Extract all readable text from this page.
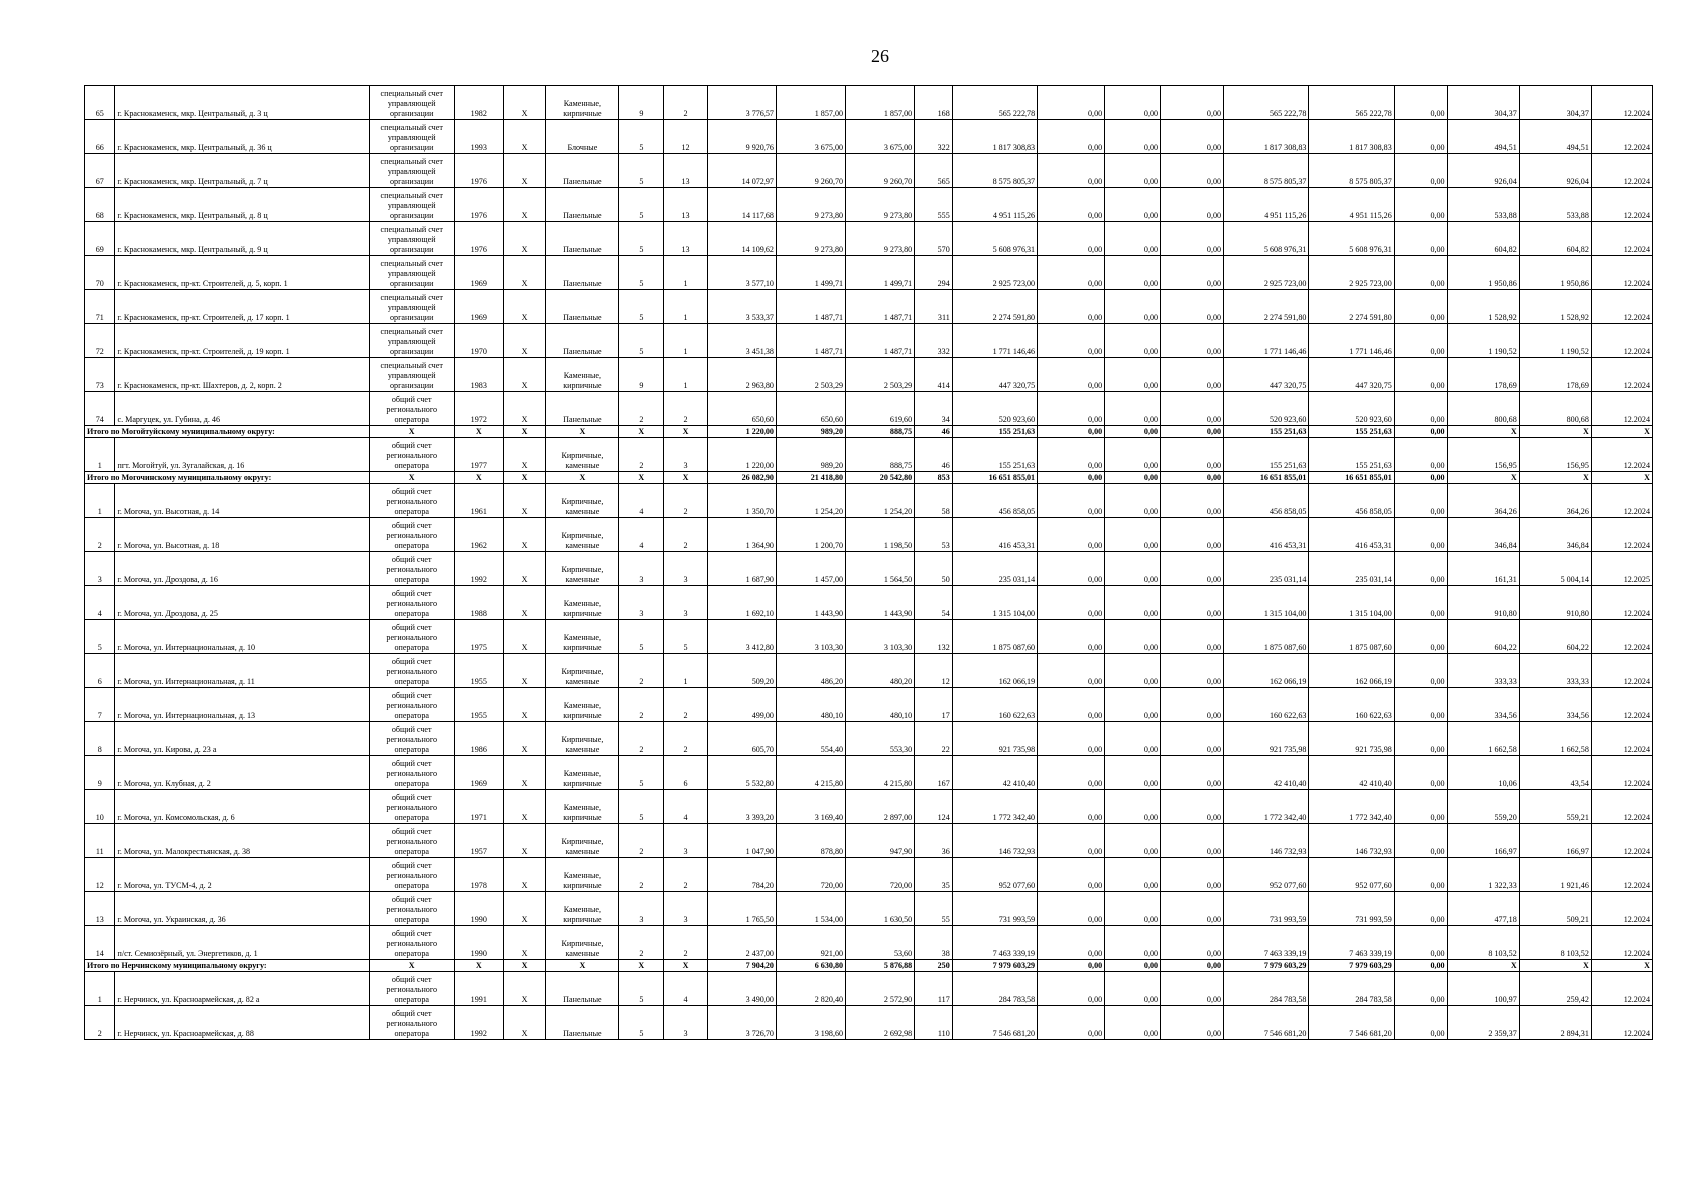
26
65	г. Краснокаменск, мкр. Центральный, д. 3 ц	специальный счет
управляющей
организации	1982	X	Каменные,
кирпичные	9	2	3 776,57	1 857,00	1 857,00	168	565 222,78	0,00	0,00	0,00	565 222,78	565 222,78	0,00	304,37	304,37	12.2024
66	г. Краснокаменск, мкр. Центральный, д. 36 ц	специальный счет
управляющей
организации	1993	X	Блочные	5	12	9 920,76	3 675,00	3 675,00	322	1 817 308,83	0,00	0,00	0,00	1 817 308,83	1 817 308,83	0,00	494,51	494,51	12.2024
67	г. Краснокаменск, мкр. Центральный, д. 7 ц	специальный счет
управляющей
организации	1976	X	Панельные	5	13	14 072,97	9 260,70	9 260,70	565	8 575 805,37	0,00	0,00	0,00	8 575 805,37	8 575 805,37	0,00	926,04	926,04	12.2024
68	г. Краснокаменск, мкр. Центральный, д. 8 ц	специальный счет
управляющей
организации	1976	X	Панельные	5	13	14 117,68	9 273,80	9 273,80	555	4 951 115,26	0,00	0,00	0,00	4 951 115,26	4 951 115,26	0,00	533,88	533,88	12.2024
69	г. Краснокаменск, мкр. Центральный, д. 9 ц	специальный счет
управляющей
организации	1976	X	Панельные	5	13	14 109,62	9 273,80	9 273,80	570	5 608 976,31	0,00	0,00	0,00	5 608 976,31	5 608 976,31	0,00	604,82	604,82	12.2024
70	г. Краснокаменск, пр-кт. Строителей, д. 5, корп. 1	специальный счет
управляющей
организации	1969	X	Панельные	5	1	3 577,10	1 499,71	1 499,71	294	2 925 723,00	0,00	0,00	0,00	2 925 723,00	2 925 723,00	0,00	1 950,86	1 950,86	12.2024
71	г. Краснокаменск, пр-кт. Строителей, д. 17 корп. 1	специальный счет
управляющей
организации	1969	X	Панельные	5	1	3 533,37	1 487,71	1 487,71	311	2 274 591,80	0,00	0,00	0,00	2 274 591,80	2 274 591,80	0,00	1 528,92	1 528,92	12.2024
72	г. Краснокаменск, пр-кт. Строителей, д. 19 корп. 1	специальный счет
управляющей
организации	1970	X	Панельные	5	1	3 451,38	1 487,71	1 487,71	332	1 771 146,46	0,00	0,00	0,00	1 771 146,46	1 771 146,46	0,00	1 190,52	1 190,52	12.2024
73	г. Краснокаменск, пр-кт. Шахтеров, д. 2, корп. 2	специальный счет
управляющей
организации	1983	X	Каменные,
кирпичные	9	1	2 963,80	2 503,29	2 503,29	414	447 320,75	0,00	0,00	0,00	447 320,75	447 320,75	0,00	178,69	178,69	12.2024
74	с. Маргуцек, ул. Губина, д. 46	общий счет
регионального
оператора	1972	X	Панельные	2	2	650,60	650,60	619,60	34	520 923,60	0,00	0,00	0,00	520 923,60	520 923,60	0,00	800,68	800,68	12.2024
Итого по Могойтуйскому муниципальному округу:		X	X	X	X	X	X	1 220,00	989,20	888,75	46	155 251,63	0,00	0,00	0,00	155 251,63	155 251,63	0,00	X	X	X
1	пгт. Могойтуй, ул. Зугалайская, д. 16	общий счет
регионального
оператора	1977	X	Кирпичные,
каменные	2	3	1 220,00	989,20	888,75	46	155 251,63	0,00	0,00	0,00	155 251,63	155 251,63	0,00	156,95	156,95	12.2024
Итого по Могочинскому муниципальному округу:		X	X	X	X	X	X	26 082,90	21 418,80	20 542,80	853	16 651 855,01	0,00	0,00	0,00	16 651 855,01	16 651 855,01	0,00	X	X	X
1	г. Могоча, ул. Высотная, д. 14	общий счет
регионального
оператора	1961	X	Кирпичные,
каменные	4	2	1 350,70	1 254,20	1 254,20	58	456 858,05	0,00	0,00	0,00	456 858,05	456 858,05	0,00	364,26	364,26	12.2024
2	г. Могоча, ул. Высотная, д. 18	общий счет
регионального
оператора	1962	X	Кирпичные,
каменные	4	2	1 364,90	1 200,70	1 198,50	53	416 453,31	0,00	0,00	0,00	416 453,31	416 453,31	0,00	346,84	346,84	12.2024
3	г. Могоча, ул. Дроздова, д. 16	общий счет
регионального
оператора	1992	X	Кирпичные,
каменные	3	3	1 687,90	1 457,00	1 564,50	50	235 031,14	0,00	0,00	0,00	235 031,14	235 031,14	0,00	161,31	5 004,14	12.2025
4	г. Могоча, ул. Дроздова, д. 25	общий счет
регионального
оператора	1988	X	Каменные,
кирпичные	3	3	1 692,10	1 443,90	1 443,90	54	1 315 104,00	0,00	0,00	0,00	1 315 104,00	1 315 104,00	0,00	910,80	910,80	12.2024
5	г. Могоча, ул. Интернациональная, д. 10	общий счет
регионального
оператора	1975	X	Каменные,
кирпичные	5	5	3 412,80	3 103,30	3 103,30	132	1 875 087,60	0,00	0,00	0,00	1 875 087,60	1 875 087,60	0,00	604,22	604,22	12.2024
6	г. Могоча, ул. Интернациональная, д. 11	общий счет
регионального
оператора	1955	X	Кирпичные,
каменные	2	1	509,20	486,20	480,20	12	162 066,19	0,00	0,00	0,00	162 066,19	162 066,19	0,00	333,33	333,33	12.2024
7	г. Могоча, ул. Интернациональная, д. 13	общий счет
регионального
оператора	1955	X	Каменные,
кирпичные	2	2	499,00	480,10	480,10	17	160 622,63	0,00	0,00	0,00	160 622,63	160 622,63	0,00	334,56	334,56	12.2024
8	г. Могоча, ул. Кирова, д. 23 а	общий счет
регионального
оператора	1986	X	Кирпичные,
каменные	2	2	605,70	554,40	553,30	22	921 735,98	0,00	0,00	0,00	921 735,98	921 735,98	0,00	1 662,58	1 662,58	12.2024
9	г. Могоча, ул. Клубная, д. 2	общий счет
регионального
оператора	1969	X	Каменные,
кирпичные	5	6	5 532,80	4 215,80	4 215,80	167	42 410,40	0,00	0,00	0,00	42 410,40	42 410,40	0,00	10,06	43,54	12.2024
10	г. Могоча, ул. Комсомольская, д. 6	общий счет
регионального
оператора	1971	X	Каменные,
кирпичные	5	4	3 393,20	3 169,40	2 897,00	124	1 772 342,40	0,00	0,00	0,00	1 772 342,40	1 772 342,40	0,00	559,20	559,21	12.2024
11	г. Могоча, ул. Малокрестьянская, д. 38	общий счет
регионального
оператора	1957	X	Кирпичные,
каменные	2	3	1 047,90	878,80	947,90	36	146 732,93	0,00	0,00	0,00	146 732,93	146 732,93	0,00	166,97	166,97	12.2024
12	г. Могоча, ул. ТУСМ-4, д. 2	общий счет
регионального
оператора	1978	X	Каменные,
кирпичные	2	2	784,20	720,00	720,00	35	952 077,60	0,00	0,00	0,00	952 077,60	952 077,60	0,00	1 322,33	1 921,46	12.2024
13	г. Могоча, ул. Украинская, д. 36	общий счет
регионального
оператора	1990	X	Каменные,
кирпичные	3	3	1 765,50	1 534,00	1 630,50	55	731 993,59	0,00	0,00	0,00	731 993,59	731 993,59	0,00	477,18	509,21	12.2024
14	п/ст. Семиозёрный, ул. Энергетиков, д. 1	общий счет
регионального
оператора	1990	X	Кирпичные,
каменные	2	2	2 437,00	921,00	53,60	38	7 463 339,19	0,00	0,00	0,00	7 463 339,19	7 463 339,19	0,00	8 103,52	8 103,52	12.2024
Итого по Нерчинскому муниципальному округу:		X	X	X	X	X	X	7 904,20	6 630,80	5 876,88	250	7 979 603,29	0,00	0,00	0,00	7 979 603,29	7 979 603,29	0,00	X	X	X
1	г. Нерчинск, ул. Красноармейская, д. 82 а	общий счет
регионального
оператора	1991	X	Панельные	5	4	3 490,00	2 820,40	2 572,90	117	284 783,58	0,00	0,00	0,00	284 783,58	284 783,58	0,00	100,97	259,42	12.2024
2	г. Нерчинск, ул. Красноармейская, д. 88	общий счет
регионального
оператора	1992	X	Панельные	5	3	3 726,70	3 198,60	2 692,98	110	7 546 681,20	0,00	0,00	0,00	7 546 681,20	7 546 681,20	0,00	2 359,37	2 894,31	12.2024
